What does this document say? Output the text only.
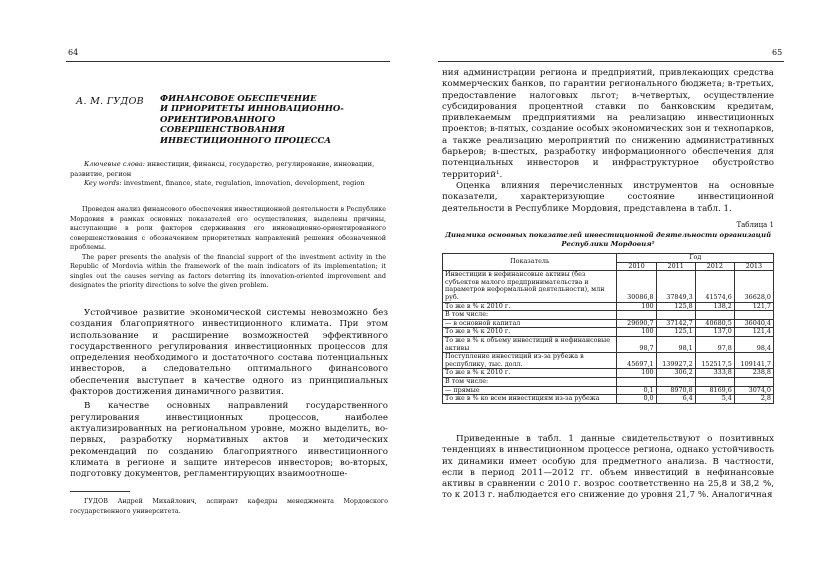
64
А. М. ГУДОВ ФИНАНСОВОЕ ОБЕСПЕЧЕНИЕ
И ПРИОРИТЕТЫ ИННОВАЦИОННО-
ОРИЕНТИРОВАННОГО
СОВЕРШЕНСТВОВАНИЯ
ИНВЕСТИЦИОННОГО ПРОЦЕССА
Ключевые слова: инвестиции, финансы, государство, регулирование, инновации, развитие, регион
Key words: investment, finance, state, regulation, innovation, development, region

Проведен анализ финансового обеспечения инвестиционной деятельности в Республике Мордовия в рамках основных показателей его осуществления, выделены причины, выступающие в роли факторов сдерживания его инновационно-ориентированного совершенствования с обозначением приоритетных направлений решения обозначенной проблемы.

The paper presents the analysis of the financial support of the investment activity in the Republic of Mordovia within the framework of the main indicators of its implementation; it singles out the causes serving as factors deterring its innovation-oriented improvement and designates the priority directions to solve the given problem.

Устойчивое развитие экономической системы невозможно без создания благоприятного инвестиционного климата. При этом использование и расширение возможностей эффективного государственного регулирования инвестиционных процессов для определения необходимого и достаточного состава потенциальных инвесторов, а следовательно оптимального финансового обеспечения выступает в качестве одного из принципиальных факторов достижения динамичного развития.

В качестве основных направлений государственного регулирования инвестиционных процессов, наиболее актуализированных на региональном уровне, можно выделить, во-первых, разработку нормативных актов и методических рекомендаций по созданию благоприятного инвестиционного климата в регионе и защите интересов инвесторов; во-вторых, подготовку документов, регламентирующих взаимоотноше-

ГУДОВ Андрей Михайлович, аспирант кафедры менеджмента Мордовского государственного университета.
65

ния администрации региона и предприятий, привлекающих средства коммерческих банков, по гарантии регионального бюджета; в-третьих, предоставление налоговых льгот; в-четвертых, осуществление субсидирования процентной ставки по банковским кредитам, привлекаемым предприятиями на реализацию инвестиционных проектов; в-пятых, создание особых экономических зон и технопарков, а также реализацию мероприятий по снижению административных барьеров; в-шестых, разработку информационного обеспечения для потенциальных инвесторов и инфраструктурное обустройство территорий¹.

Оценка влияния перечисленных инструментов на основные показатели, характеризующие состояние инвестиционной деятельности в Республике Мордовия, представлена в табл. 1.

Таблица 1
Динамика основных показателей инвестиционной деятельности организаций Республики Мордовия²
Показатель	Год			
	2010	2011	2012	2013
Инвестиции в нефинансовые активы (без субъектов малого предпринимательства и параметров неформальной деятельности), млн руб.	30086,8	37849,3	41574,6	36628,0
То же в % к 2010 г.	100	125,8	138,2	121,7
В том числе:				
— в основной капитал	29690,7	37142,7	40680,5	36040,4
То же в % к 2010 г.	100	125,1	137,0	121,4
То же в % к объему инвестиций в нефинансовые активы	98,7	98,1	97,8	98,4
Поступление инвестиций из-за рубежа в республику, тыс. долл.	45697,1	139927,2	152517,5	109141,7
То же в % к 2010 г.	100	306,2	333,8	238,8
В том числе:				
— прямые	0,1	8970,8	8169,6	3074,0
То же в % ко всем инвестициям из-за рубежа	0,0	6,4	5,4	2,8

Приведенные в табл. 1 данные свидетельствуют о позитивных тенденциях в инвестиционном процессе региона, однако устойчивость их динамики имеет особую для предметного анализа. В частности, если в период 2011—2012 гг. объем инвестиций в нефинансовые активы в сравнении с 2010 г. возрос соответственно на 25,8 и 38,2 %, то к 2013 г. наблюдается его снижение до уровня 21,7 %. Аналогичная
